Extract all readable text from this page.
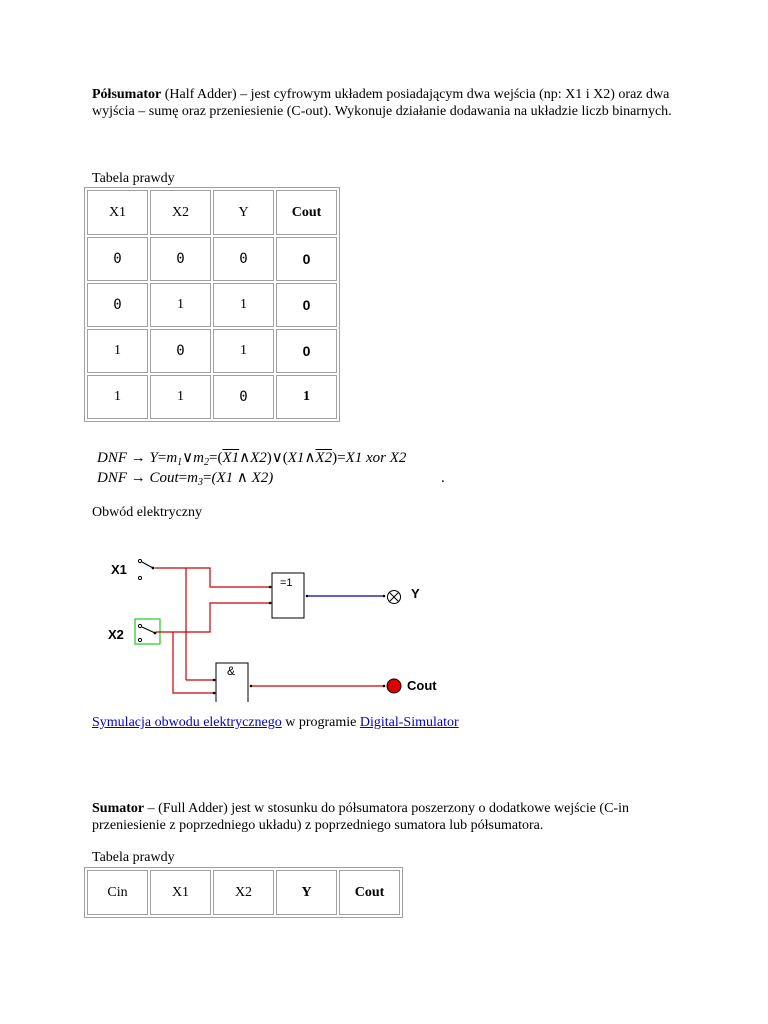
Półsumator (Half Adder) – jest cyfrowym układem posiadającym dwa wejścia (np: X1 i X2) oraz dwa wyjścia – sumę oraz przeniesienie (C-out). Wykonuje działanie dodawania na układzie liczb binarnych.
Tabela prawdy
X1	X2	Y	Cout
0	0	0	0
0	1	1	0
1	0	1	0
1	1	0	1
DNF → $Y=m_1\vee m_2=(X1\wedge X2)\vee(X1\wedge X2)=X1$ xor X2
DNF → $Cout=m_3=(X1$ ∧ X2)	.
Obwód elektryczny
X1
X2
=1
&
Y
Cout
Symulacja obwodu elektrycznego w programie Digital-Simulator
Sumator – (Full Adder) jest w stosunku do półsumatora poszerzony o dodatkowe wejście (C-in przeniesienie z poprzedniego układu) z poprzedniego sumatora lub półsumatora.
Tabela prawdy
Cin	X1	X2	Y	Cout
